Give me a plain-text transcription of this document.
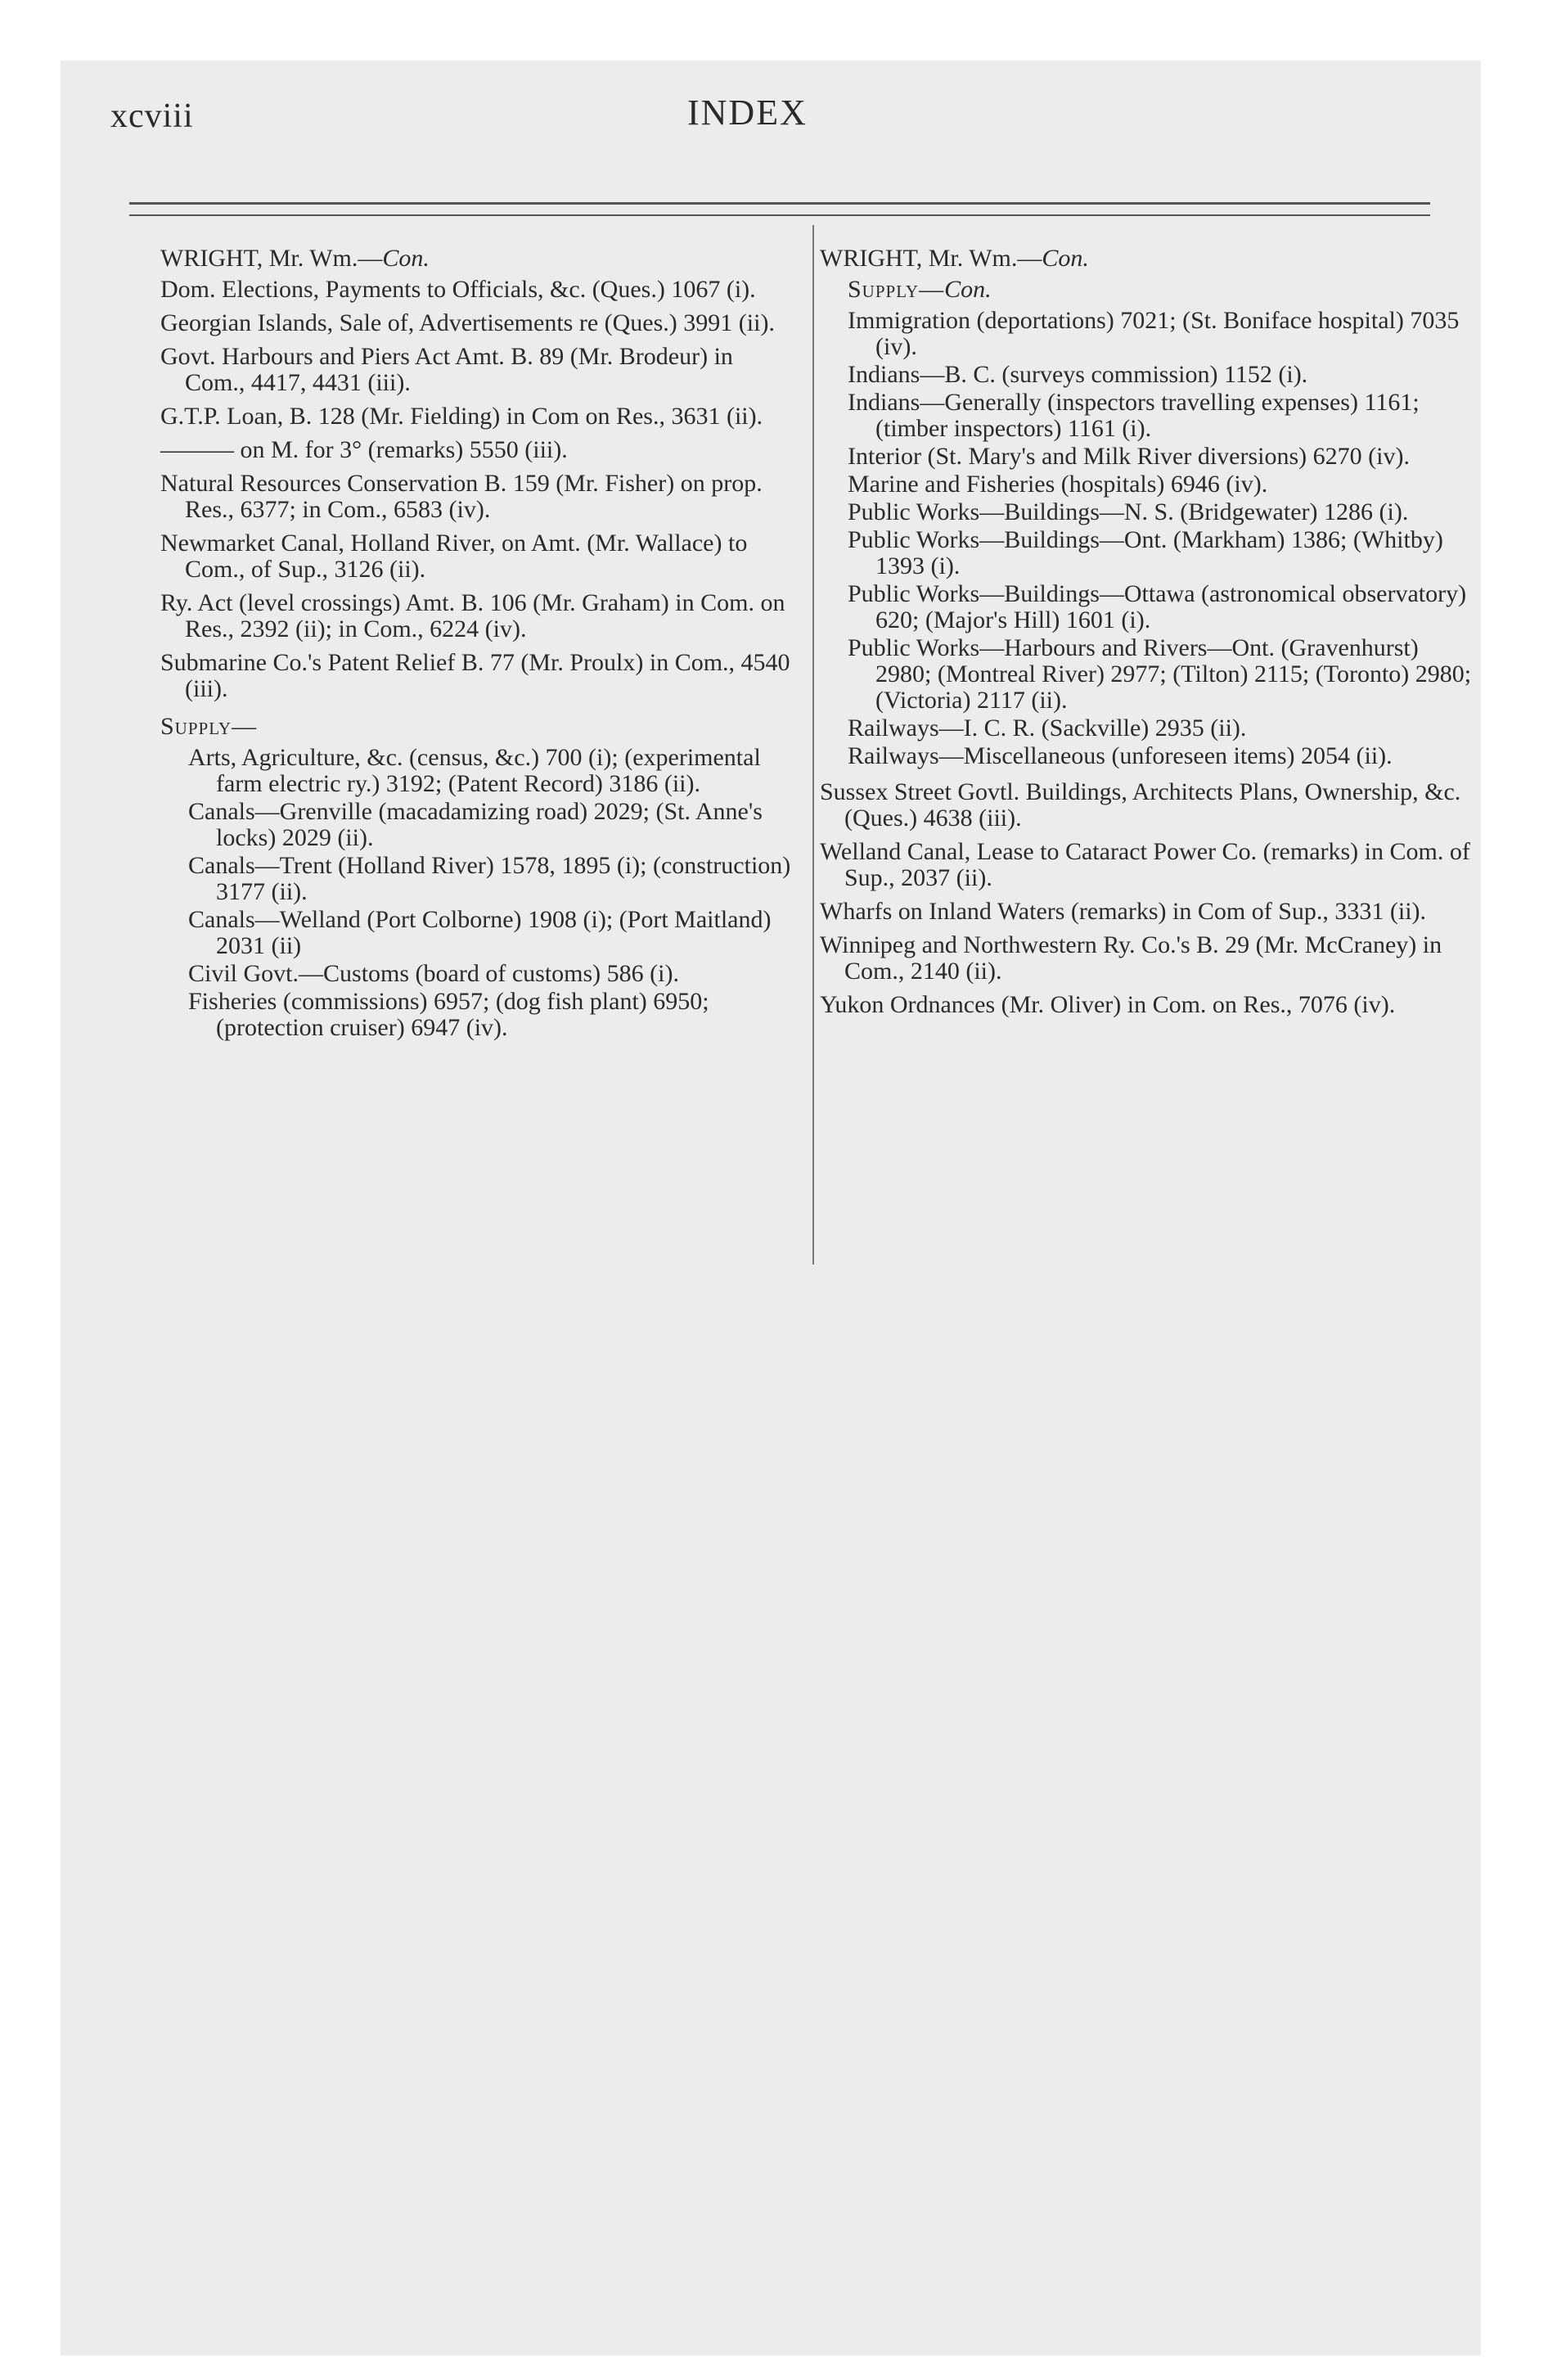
xcviii	INDEX
WRIGHT, Mr. Wm.—Con.
Dom. Elections, Payments to Officials, &c. (Ques.) 1067 (i).
Georgian Islands, Sale of, Advertisements re (Ques.) 3991 (ii).
Govt. Harbours and Piers Act Amt. B. 89 (Mr. Brodeur) in Com., 4417, 4431 (iii).
G.T.P. Loan, B. 128 (Mr. Fielding) in Com on Res., 3631 (ii).
——— on M. for 3° (remarks) 5550 (iii).
Natural Resources Conservation B. 159 (Mr. Fisher) on prop. Res., 6377; in Com., 6583 (iv).
Newmarket Canal, Holland River, on Amt. (Mr. Wallace) to Com., of Sup., 3126 (ii).
Ry. Act (level crossings) Amt. B. 106 (Mr. Graham) in Com. on Res., 2392 (ii); in Com., 6224 (iv).
Submarine Co.'s Patent Relief B. 77 (Mr. Proulx) in Com., 4540 (iii).
Supply—
Arts, Agriculture, &c. (census, &c.) 700 (i); (experimental farm electric ry.) 3192; (Patent Record) 3186 (ii).
Canals—Grenville (macadamizing road) 2029; (St. Anne's locks) 2029 (ii).
Canals—Trent (Holland River) 1578, 1895 (i); (construction) 3177 (ii).
Canals—Welland (Port Colborne) 1908 (i); (Port Maitland) 2031 (ii)
Civil Govt.—Customs (board of customs) 586 (i).
Fisheries (commissions) 6957; (dog fish plant) 6950; (protection cruiser) 6947 (iv).
WRIGHT, Mr. Wm.—Con.
Supply—Con.
Immigration (deportations) 7021; (St. Boniface hospital) 7035 (iv).
Indians—B. C. (surveys commission) 1152 (i).
Indians—Generally (inspectors travelling expenses) 1161; (timber inspectors) 1161 (i).
Interior (St. Mary's and Milk River diversions) 6270 (iv).
Marine and Fisheries (hospitals) 6946 (iv).
Public Works—Buildings—N. S. (Bridgewater) 1286 (i).
Public Works—Buildings—Ont. (Markham) 1386; (Whitby) 1393 (i).
Public Works—Buildings—Ottawa (astronomical observatory) 620; (Major's Hill) 1601 (i).
Public Works—Harbours and Rivers—Ont. (Gravenhurst) 2980; (Montreal River) 2977; (Tilton) 2115; (Toronto) 2980; (Victoria) 2117 (ii).
Railways—I. C. R. (Sackville) 2935 (ii).
Railways—Miscellaneous (unforeseen items) 2054 (ii).
Sussex Street Govtl. Buildings, Architects Plans, Ownership, &c. (Ques.) 4638 (iii).
Welland Canal, Lease to Cataract Power Co. (remarks) in Com. of Sup., 2037 (ii).
Wharfs on Inland Waters (remarks) in Com of Sup., 3331 (ii).
Winnipeg and Northwestern Ry. Co.'s B. 29 (Mr. McCraney) in Com., 2140 (ii).
Yukon Ordnances (Mr. Oliver) in Com. on Res., 7076 (iv).
